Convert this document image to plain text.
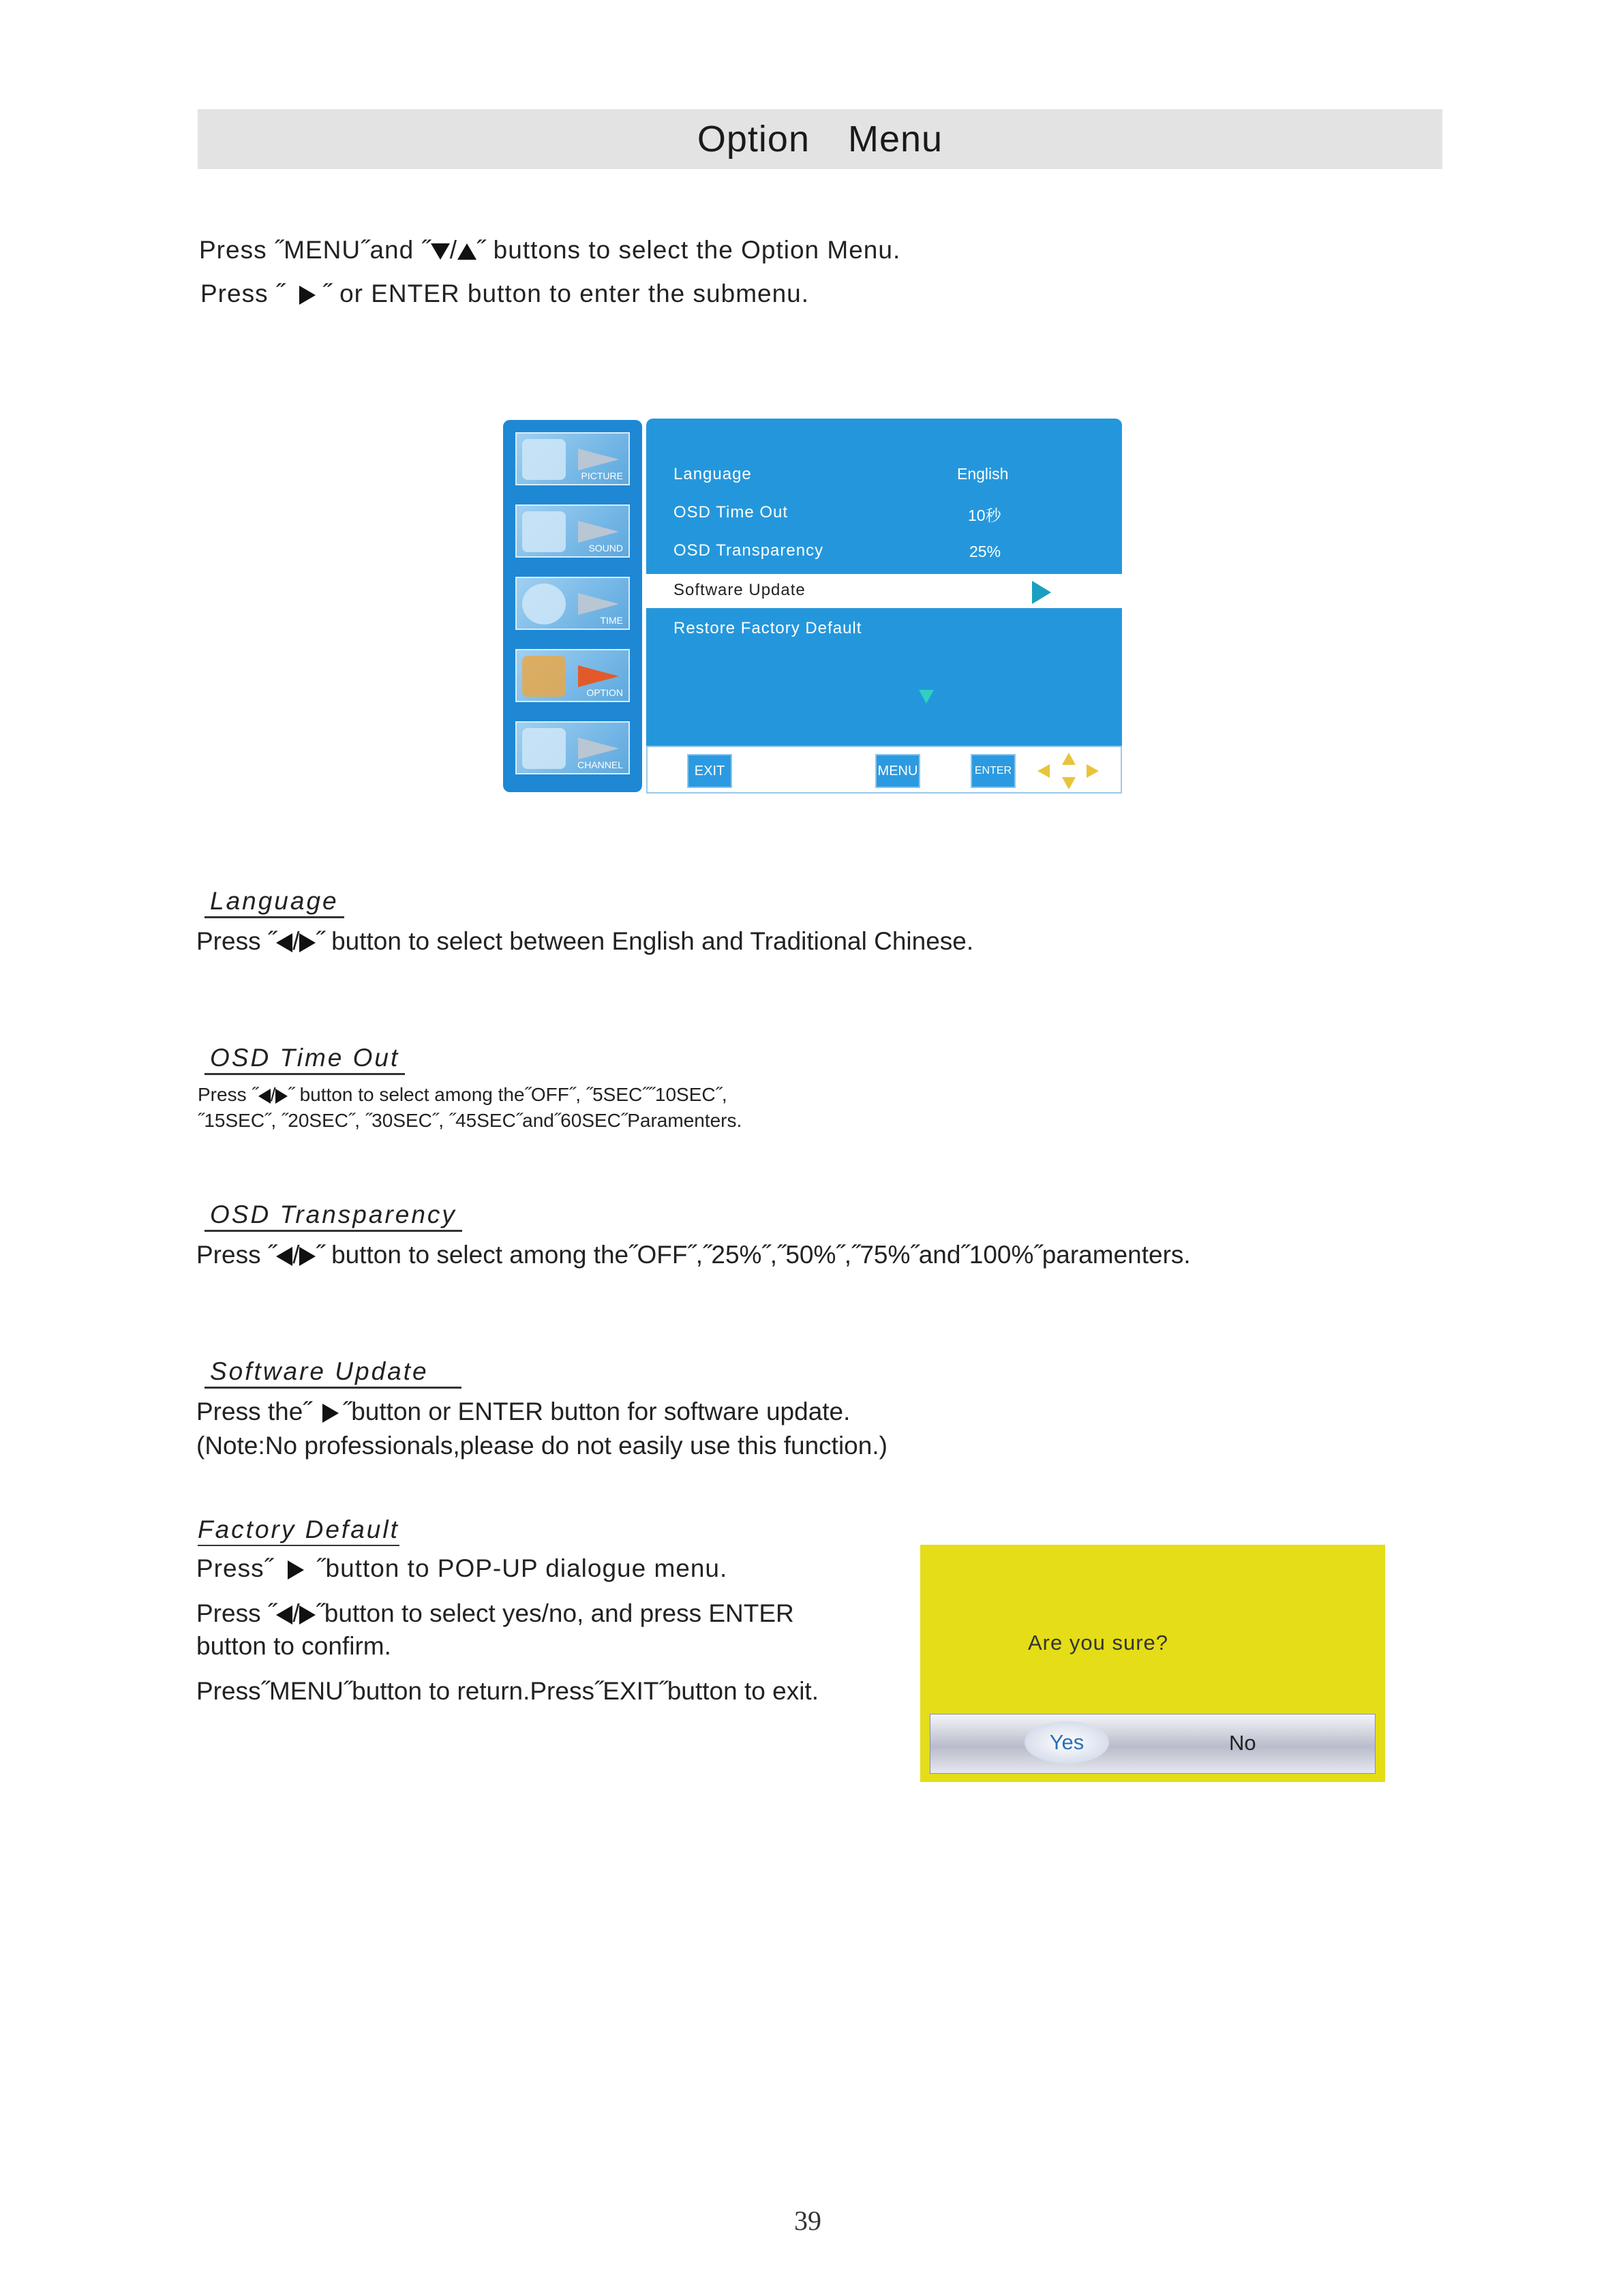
Option Menu
Press ˝MENU˝and ˝ / ˝ buttons to select the Option Menu.
Press ˝ ˝ or ENTER button to enter the submenu.
PICTURE
SOUND
TIME
OPTION
CHANNEL
Language	English
OSD Time Out	10秒
OSD Transparency	25%
Software Update
Restore Factory Default
EXIT	MENU	ENTER
Language
Press ˝ / ˝ button to select between English and Traditional Chinese.
OSD Time Out
Press ˝ / ˝ button to select among the˝OFF˝, ˝5SEC˝˝10SEC˝,
˝15SEC˝, ˝20SEC˝, ˝30SEC˝, ˝45SEC˝and˝60SEC˝Paramenters.
OSD Transparency
Press ˝ / ˝ button to select among the˝OFF˝,˝25%˝,˝50%˝,˝75%˝and˝100%˝paramenters.
Software Update
Press the˝ ˝button or ENTER button for software update.
(Note:No professionals,please do not easily use this function.)
Factory Default
Press˝ ˝button to POP-UP dialogue menu.
Press ˝ / ˝button to select yes/no, and press ENTER
button to confirm.
Press˝MENU˝button to return.Press˝EXIT˝button to exit.
Are you sure?
Yes	No
39
